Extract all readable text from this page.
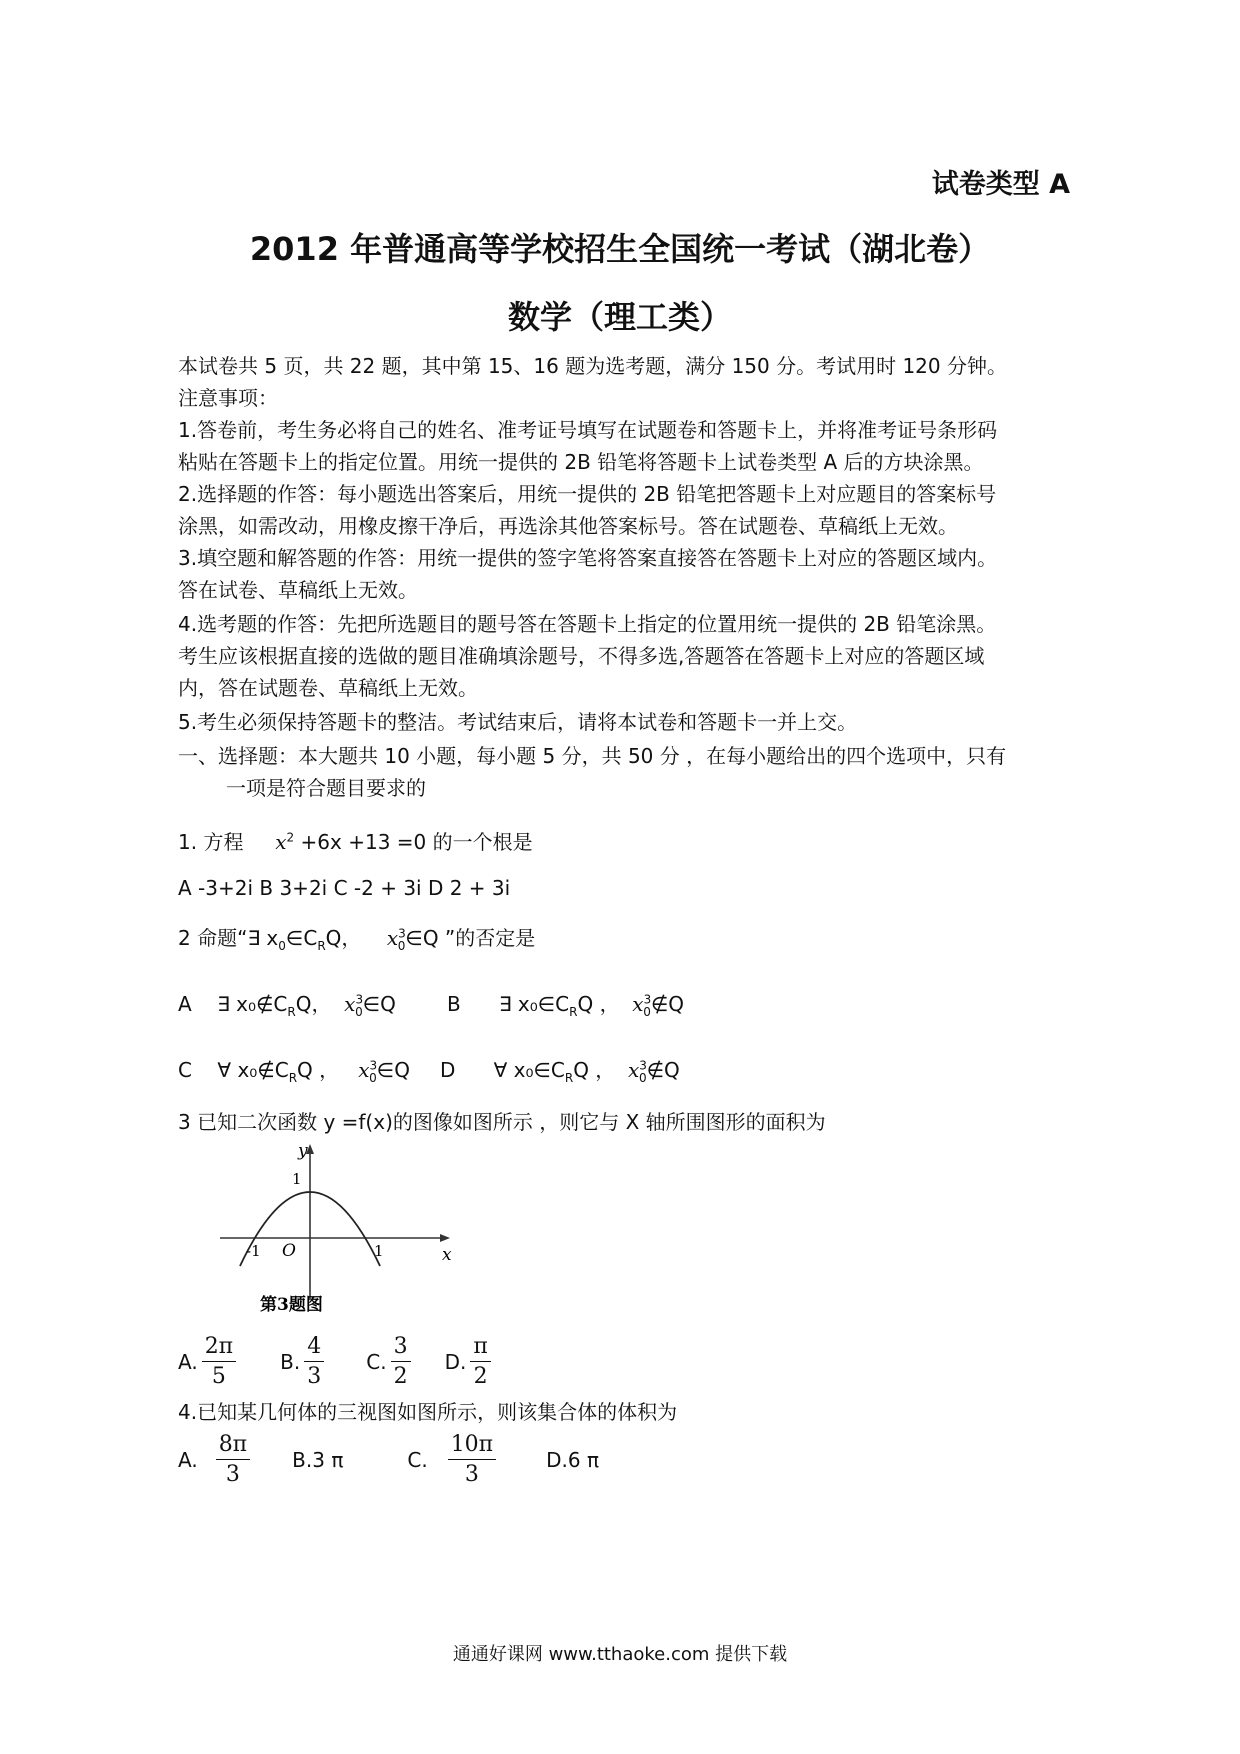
试卷类型 A
2012 年普通高等学校招生全国统一考试（湖北卷）
数学（理工类）
本试卷共 5 页，共 22 题，其中第 15、16 题为选考题，满分 150 分。考试用时 120 分钟。
注意事项：
1.答卷前，考生务必将自己的姓名、准考证号填写在试题卷和答题卡上，并将准考证号条形码
粘贴在答题卡上的指定位置。用统一提供的 2B 铅笔将答题卡上试卷类型 A 后的方块涂黑。
2.选择题的作答：每小题选出答案后，用统一提供的 2B 铅笔把答题卡上对应题目的答案标号
涂黑，如需改动，用橡皮擦干净后，再选涂其他答案标号。答在试题卷、草稿纸上无效。
3.填空题和解答题的作答：用统一提供的签字笔将答案直接答在答题卡上对应的答题区域内。
答在试卷、草稿纸上无效。
4.选考题的作答：先把所选题目的题号答在答题卡上指定的位置用统一提供的 2B 铅笔涂黑。
考生应该根据直接的选做的题目准确填涂题号，不得多选,答题答在答题卡上对应的答题区域
内，答在试题卷、草稿纸上无效。
5.考生必须保持答题卡的整洁。考试结束后，请将本试卷和答题卡一并上交。
一、选择题：本大题共 10 小题，每小题 5 分，共 50 分 ，在每小题给出的四个选项中，只有
一项是符合题目要求的
1. 方程 $x^2 +6x +13 =0$ 的一个根是
A -3+2i B 3+2i C -2 + 3i D 2 + 3i
2 命题“∃ $x_0\in C_RQ$， $x^3_0\in Q$ ”的否定是
A ∃ $x_0\notin C_RQ$， $x^3_0\in Q$	B ∃ $x_0\in C_RQ$ ， $x^3_0\notin Q$
C ∀ $x_0\notin C_RQ$ ， $x^3_0\in Q$ D ∀ $x_0\in C_RQ$ ， $x^3_0\notin Q$
3 已知二次函数 y =f(x)的图像如图所示 ，则它与 X 轴所围图形的面积为
y
x
1
O
-1	1
第3题图
A. $\frac{2\pi}{5} B$. $\frac{4}{3} C$. $\frac{3}{2} D$. $\frac{\pi}{2}$
4.已知某几何体的三视图如图所示，则该集合体的体积为
A. $\frac{8\pi}{3} B.3$ π	C. $\frac{10\pi}{3}$	D.6 π
通通好课网 www.tthaoke.com 提供下载
